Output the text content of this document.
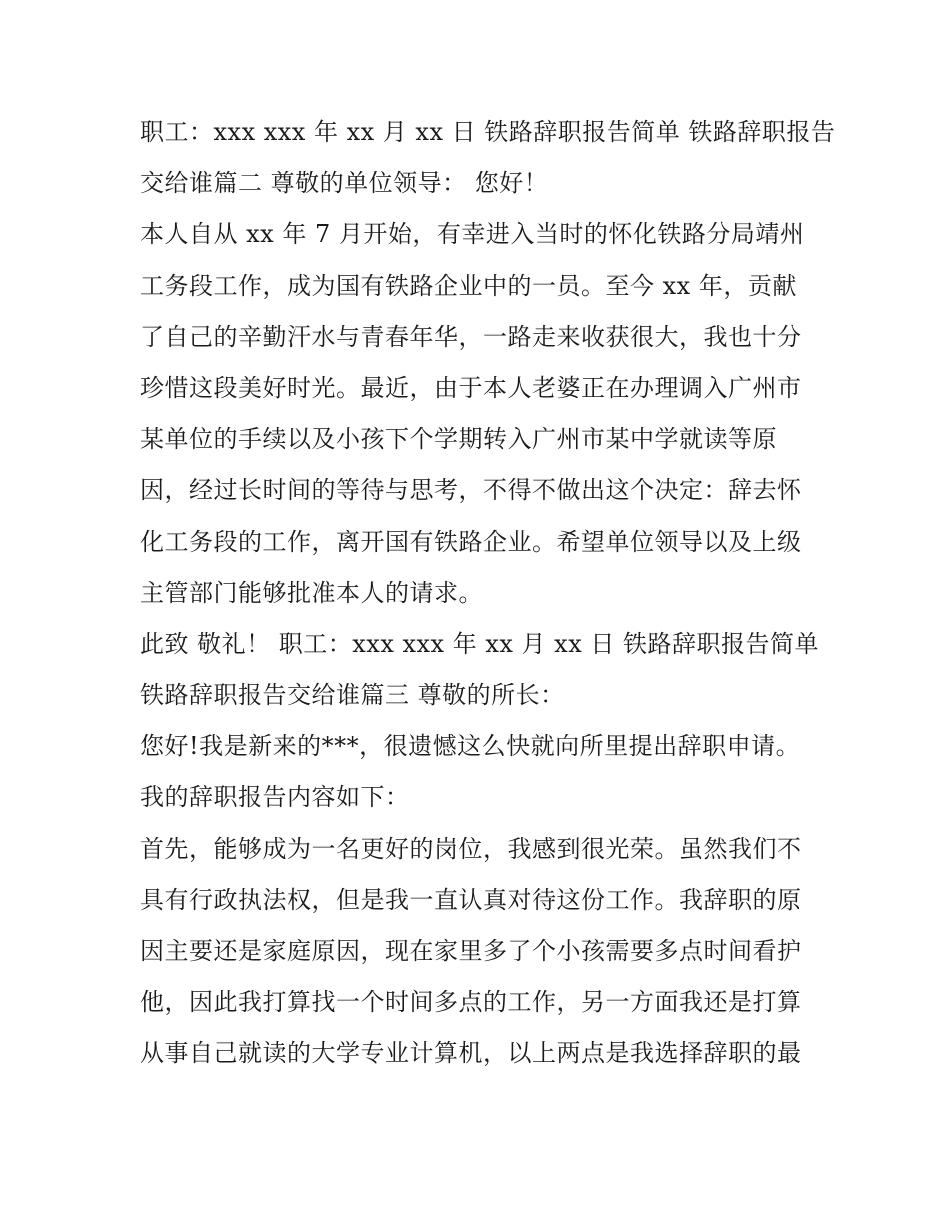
职工：xxx xxx 年 xx 月 xx 日 铁路辞职报告简单 铁路辞职报告
交给谁篇二 尊敬的单位领导： 您好！

本人自从 xx 年 7 月开始，有幸进入当时的怀化铁路分局靖州
工务段工作，成为国有铁路企业中的一员。至今 xx 年，贡献
了自己的辛勤汗水与青春年华，一路走来收获很大，我也十分
珍惜这段美好时光。最近，由于本人老婆正在办理调入广州市
某单位的手续以及小孩下个学期转入广州市某中学就读等原
因，经过长时间的等待与思考，不得不做出这个决定：辞去怀
化工务段的工作，离开国有铁路企业。希望单位领导以及上级
主管部门能够批准本人的请求。

此致 敬礼！ 职工：xxx xxx 年 xx 月 xx 日 铁路辞职报告简单
铁路辞职报告交给谁篇三 尊敬的所长：

您好!我是新来的***，很遗憾这么快就向所里提出辞职申请。

我的辞职报告内容如下：

首先，能够成为一名更好的岗位，我感到很光荣。虽然我们不
具有行政执法权，但是我一直认真对待这份工作。我辞职的原
因主要还是家庭原因，现在家里多了个小孩需要多点时间看护
他，因此我打算找一个时间多点的工作，另一方面我还是打算
从事自己就读的大学专业计算机，以上两点是我选择辞职的最
